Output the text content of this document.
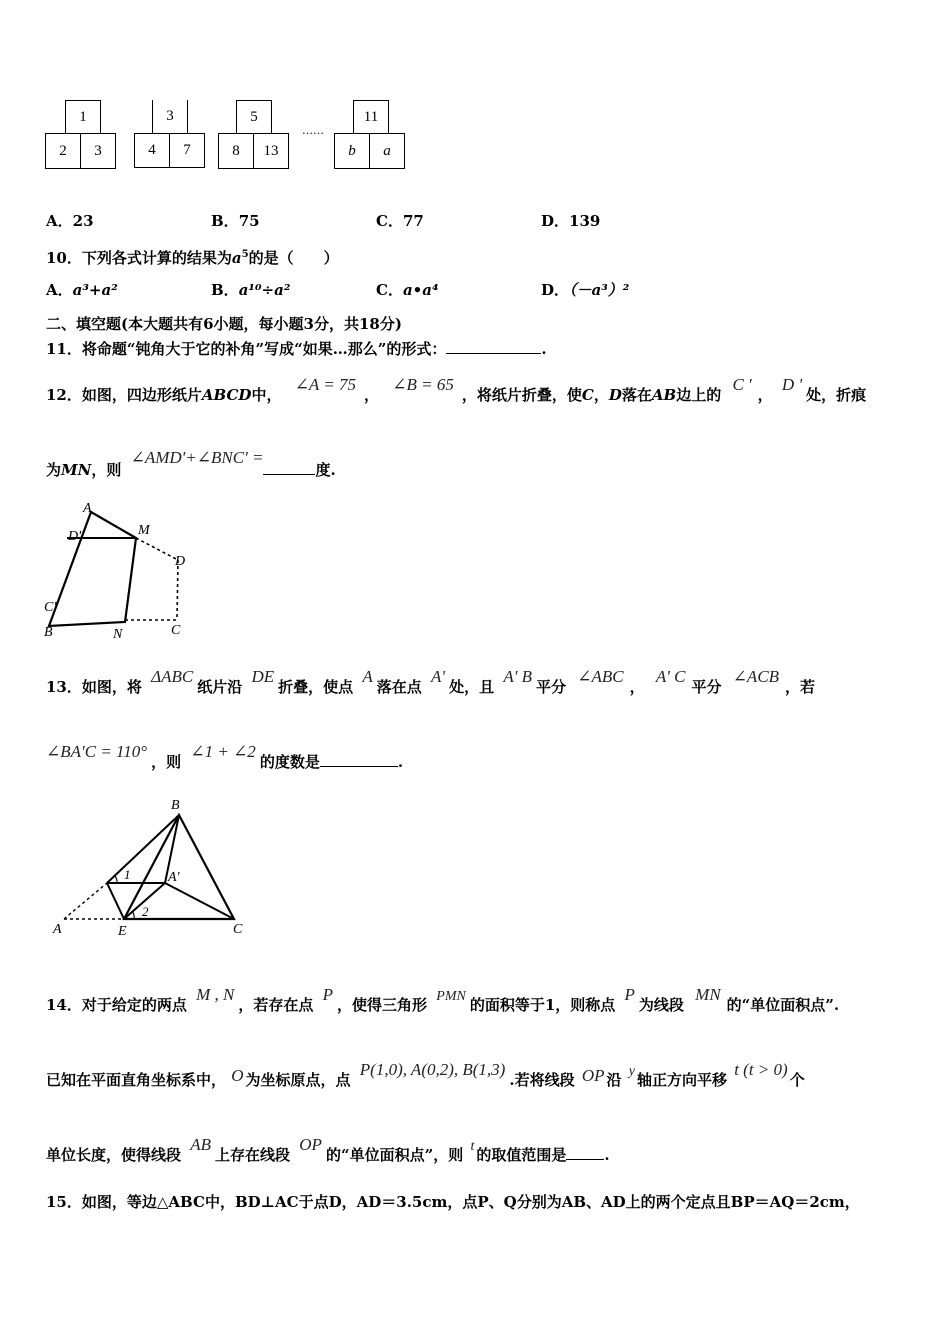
1
2	3
3
4	7
5
8	13
……
11
b	a
A．23	B．75	C．77	D．139
10．下列各式计算的结果为$a^5$的是（　　）
A．a³+a²	B．a¹⁰÷a²	C．a•a⁴	D．（－a³）²
二、填空题(本大题共有6小题，每小题3分，共18分)
11．将命题“钝角大于它的补角”写成“如果…那么”的形式：	.
12．如图，四边形纸片ABCD中， ∠A = 75， ∠B = 65，将纸片折叠，使C，D落在AB边上的 C '， D '处，折痕
为MN，则 ∠AMD'+∠BNC' =度.
A
D'	M
D
C'
B	N	C
13．如图，将 ΔABC纸片沿 DE折叠，使点 A落在点 A'处，且 A' B平分 ∠ABC， A' C平分 ∠ACB，若
∠BA′C = 110°，则 ∠1 + ∠2的度数是	.
B
1	A'
2
A	E	C
14．对于给定的两点 M , N，若存在点 P，使得三角形 PMN 的面积等于1，则称点 P为线段 MN的“单位面积点”.
已知在平面直角坐标系中， O 为坐标原点，点 P(1,0), A(0,2), B(1,3).若将线段 OP 沿 y 轴正方向平移 t (t > 0)个
单位长度，使得线段 AB上存在线段 OP的“单位面积点”，则 t 的取值范围是	.
15．如图，等边△ABC中，BD⊥AC于点D，AD＝3.5cm，点P、Q分别为AB、AD上的两个定点且BP＝AQ＝2cm，
